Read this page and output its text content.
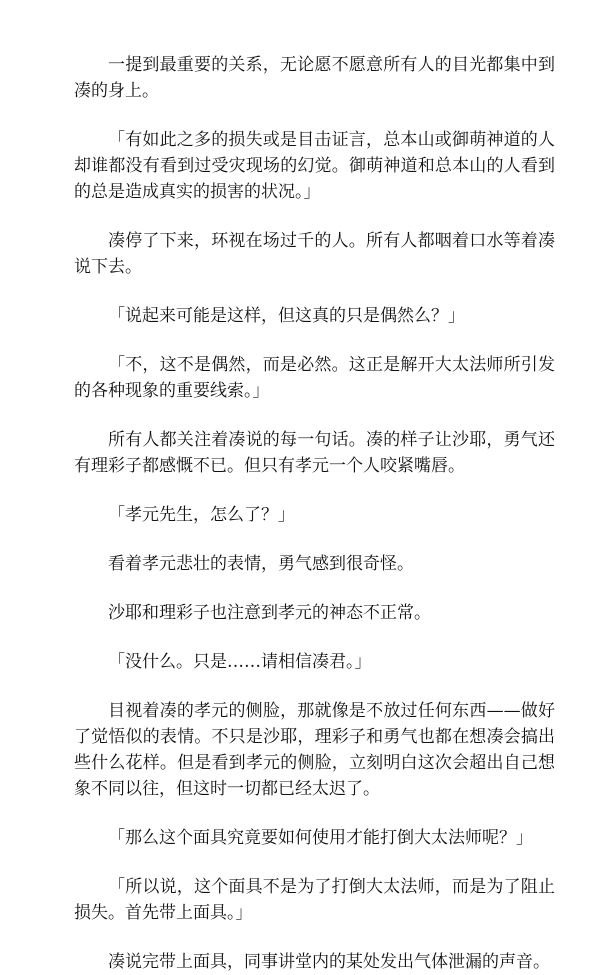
一提到最重要的关系，无论愿不愿意所有人的目光都集中到凑的身上。

「有如此之多的损失或是目击证言，总本山或御萌神道的人却谁都没有看到过受灾现场的幻觉。御萌神道和总本山的人看到的总是造成真实的损害的状况。」

凑停了下来，环视在场过千的人。所有人都咽着口水等着凑说下去。

「说起来可能是这样，但这真的只是偶然么？」

「不，这不是偶然，而是必然。这正是解开大太法师所引发的各种现象的重要线索。」

所有人都关注着凑说的每一句话。凑的样子让沙耶，勇气还有理彩子都感慨不已。但只有孝元一个人咬紧嘴唇。

「孝元先生，怎么了？」

看着孝元悲壮的表情，勇气感到很奇怪。

沙耶和理彩子也注意到孝元的神态不正常。

「没什么。只是……请相信凑君。」

目视着凑的孝元的侧脸，那就像是不放过任何东西——做好了觉悟似的表情。不只是沙耶，理彩子和勇气也都在想凑会搞出些什么花样。但是看到孝元的侧脸，立刻明白这次会超出自己想象不同以往，但这时一切都已经太迟了。

「那么这个面具究竟要如何使用才能打倒大太法师呢？」

「所以说，这个面具不是为了打倒大太法师，而是为了阻止损失。首先带上面具。」

凑说完带上面具，同事讲堂内的某处发出气体泄漏的声音。
